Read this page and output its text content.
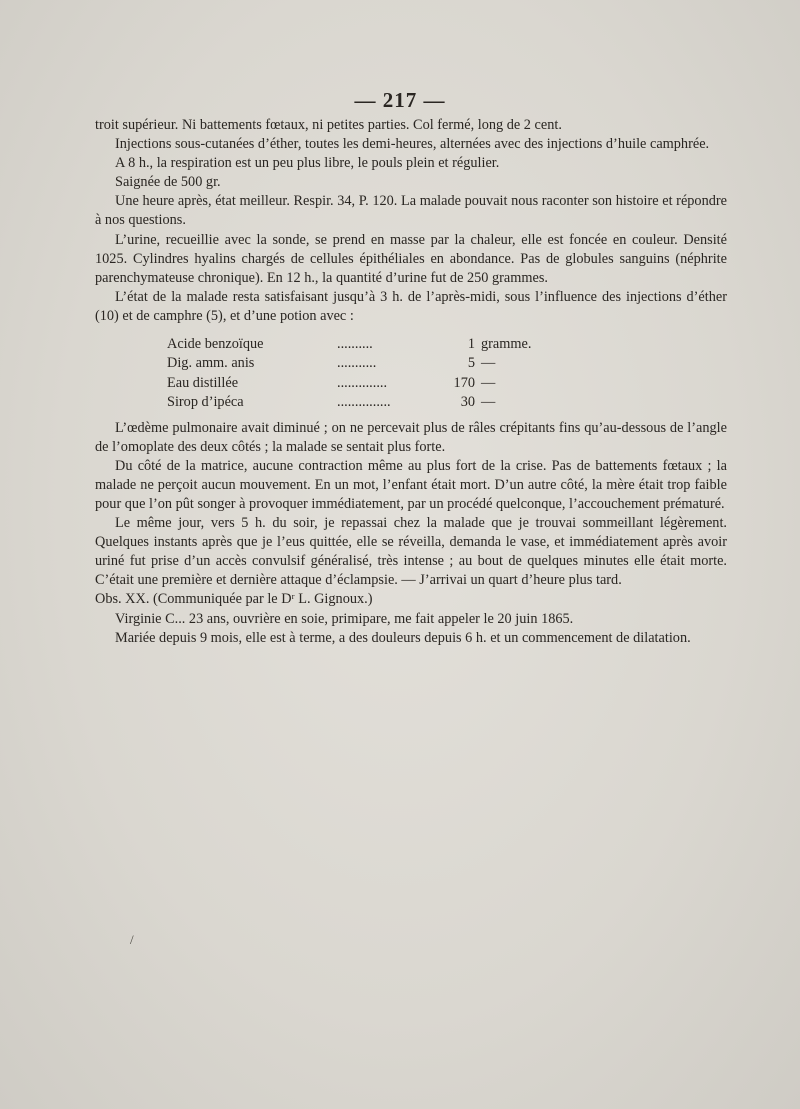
— 217 —

troit supérieur. Ni battements fœtaux, ni petites parties. Col fermé, long de 2 cent.

Injections sous-cutanées d’éther, toutes les demi-heures, alternées avec des injections d’huile camphrée.

A 8 h., la respiration est un peu plus libre, le pouls plein et régulier.

Saignée de 500 gr.

Une heure après, état meilleur. Respir. 34, P. 120. La malade pouvait nous raconter son histoire et répondre à nos questions.

L’urine, recueillie avec la sonde, se prend en masse par la chaleur, elle est foncée en couleur. Densité 1025. Cylindres hyalins chargés de cellules épithéliales en abondance. Pas de globules sanguins (néphrite parenchymateuse chronique). En 12 h., la quantité d’urine fut de 250 grammes.

L’état de la malade resta satisfaisant jusqu’à 3 h. de l’après-midi, sous l’influence des injections d’éther (10) et de camphre (5), et d’une potion avec :

Acide benzoïque	..........	1 gramme.
Dig. amm. anis	...........	5 —
Eau distillée	..............	170 —
Sirop d’ipéca	...............	30 —

L’œdème pulmonaire avait diminué ; on ne percevait plus de râles crépitants fins qu’au-dessous de l’angle de l’omoplate des deux côtés ; la malade se sentait plus forte.

Du côté de la matrice, aucune contraction même au plus fort de la crise. Pas de battements fœtaux ; la malade ne perçoit aucun mouvement. En un mot, l’enfant était mort. D’un autre côté, la mère était trop faible pour que l’on pût songer à provoquer immédiatement, par un procédé quelconque, l’accouchement prématuré.

Le même jour, vers 5 h. du soir, je repassai chez la malade que je trouvai sommeillant légèrement. Quelques instants après que je l’eus quittée, elle se réveilla, demanda le vase, et immédiatement après avoir uriné fut prise d’un accès convulsif généralisé, très intense ; au bout de quelques minutes elle était morte. C’était une première et dernière attaque d’éclampsie. — J’arrivai un quart d’heure plus tard.

Obs. XX. (Communiquée par le Dʳ L. Gignoux.)

Virginie C... 23 ans, ouvrière en soie, primipare, me fait appeler le 20 juin 1865.

Mariée depuis 9 mois, elle est à terme, a des douleurs depuis 6 h. et un commencement de dilatation.

/
